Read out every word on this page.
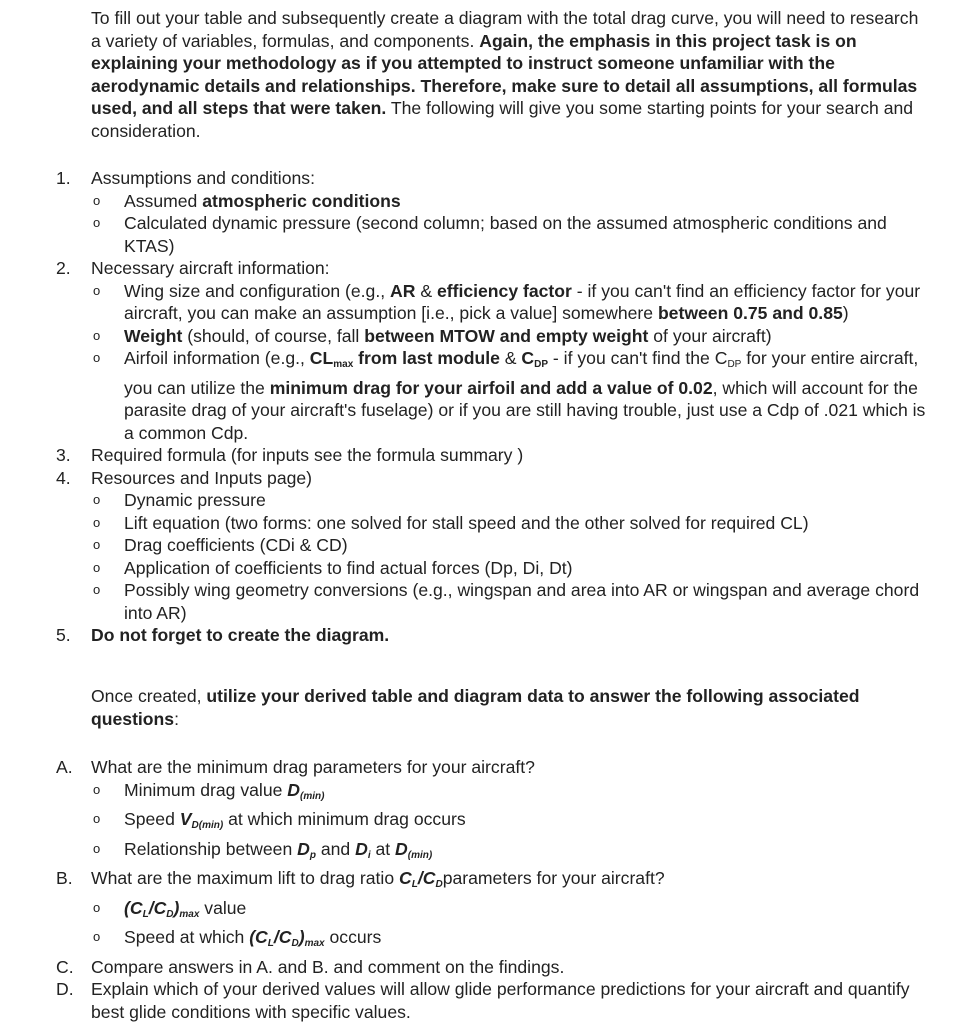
To fill out your table and subsequently create a diagram with the total drag curve, you will need to research a variety of variables, formulas, and components. Again, the emphasis in this project task is on explaining your methodology as if you attempted to instruct someone unfamiliar with the aerodynamic details and relationships. Therefore, make sure to detail all assumptions, all formulas used, and all steps that were taken. The following will give you some starting points for your search and consideration.

1. Assumptions and conditions:
o Assumed atmospheric conditions
o Calculated dynamic pressure (second column; based on the assumed atmospheric conditions and KTAS)
2. Necessary aircraft information:
o Wing size and configuration (e.g., AR & efficiency factor - if you can't find an efficiency factor for your aircraft, you can make an assumption [i.e., pick a value] somewhere between 0.75 and 0.85)
o Weight (should, of course, fall between MTOW and empty weight of your aircraft)
o Airfoil information (e.g., $CL_{max}$ from last module & $C_{DP}$ - if you can't find the $C_{DP}$ for your entire aircraft, you can utilize the minimum drag for your airfoil and add a value of 0.02, which will account for the parasite drag of your aircraft's fuselage) or if you are still having trouble, just use a Cdp of .021 which is a common Cdp.
3. Required formula (for inputs see the formula summary )
4. Resources and Inputs page)
o Dynamic pressure
o Lift equation (two forms: one solved for stall speed and the other solved for required CL)
o Drag coefficients (CDi & CD)
o Application of coefficients to find actual forces (Dp, Di, Dt)
o Possibly wing geometry conversions (e.g., wingspan and area into AR or wingspan and average chord into AR)
5. Do not forget to create the diagram.

Once created, utilize your derived table and diagram data to answer the following associated questions:

A. What are the minimum drag parameters for your aircraft?
o Minimum drag value D(min)
o Speed VD(min) at which minimum drag occurs
o Relationship between Dp and Di at D(min)
B. What are the maximum lift to drag ratio CL/CDparameters for your aircraft?
o (CL/CD)max value
o Speed at which (CL/CD)max occurs
C. Compare answers in A. and B. and comment on the findings.
D. Explain which of your derived values will allow glide performance predictions for your aircraft and quantify best glide conditions with specific values.
